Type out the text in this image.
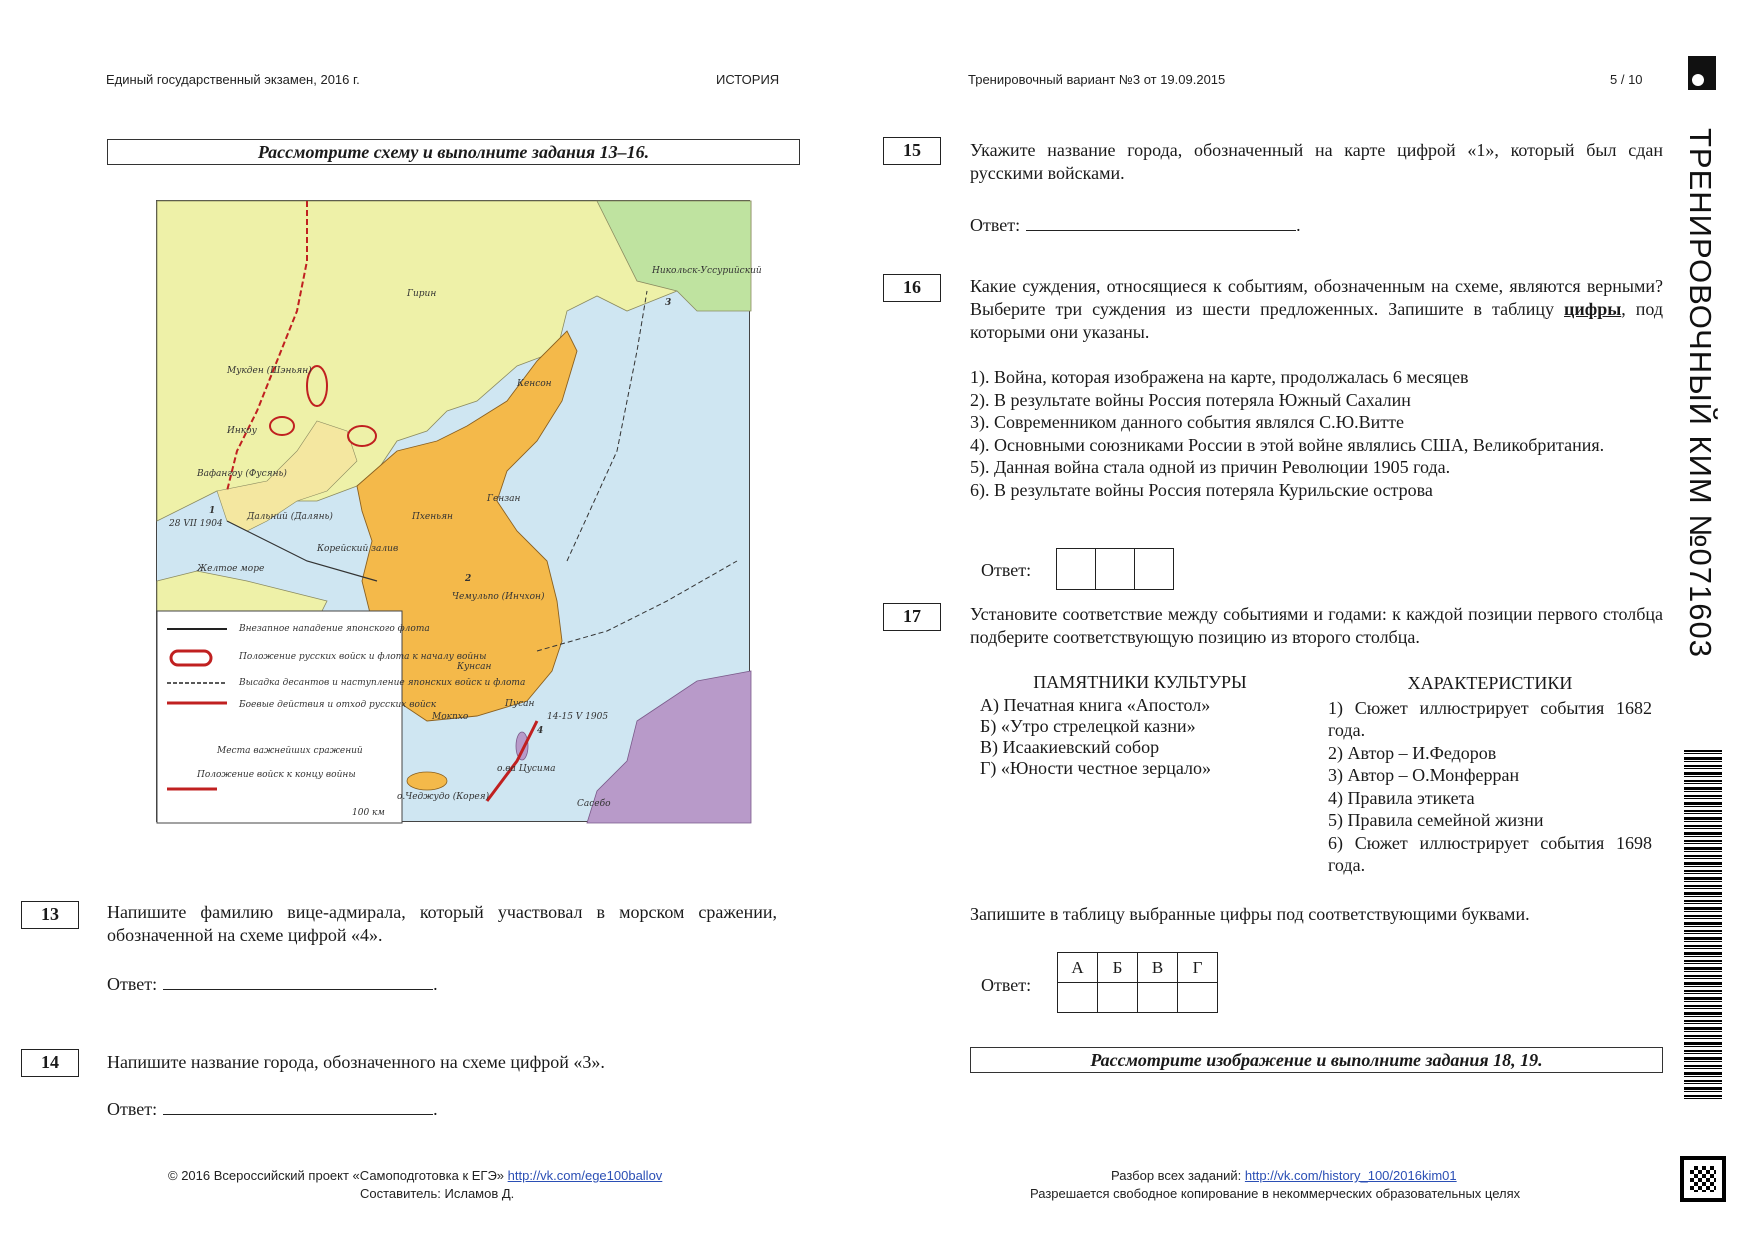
Единый государственный экзамен, 2016 г.	ИСТОРИЯ	Тренировочный вариант №3 от 19.09.2015	5 / 10
ТРЕНИРОВОЧНЫЙ КИМ №071603
Рассмотрите схему и выполните задания 13–16.
Внезапное нападение японского флота
Положение русских войск и флота к началу войны
Высадка десантов и наступление японских войск и флота
Боевые действия и отход русских войск
Места важнейших сражений
Положение войск к концу войны
100 км
Мукден (Шэньян)
Инкоу
Вафангоу (Фусянь)
Дальний (Далянь)
Кенсон
Пхеньян
Гензан
Чемульпо (Инчхон)
Кунсан
Пусан
Мокпхо
о.ва Цусима
Сасебо
Гирин
Никольск-Уссурийский
о.Чеджудо (Корея)
Корейский залив
Желтое море
14-15 V 1905
28 VII 1904
1
2
3
4
13	Напишите фамилию вице-адмирала, который участвовал в морском сражении, обозначенной на схеме цифрой «4».
Ответ:	.
14	Напишите название города, обозначенного на схеме цифрой «3».
Ответ:	.
15	Укажите название города, обозначенный на карте цифрой «1», который был сдан русскими войсками.
Ответ:	.
16	Какие суждения, относящиеся к событиям, обозначенным на схеме, являются верными? Выберите три суждения из шести предложенных. Запишите в таблицу цифры, под которыми они указаны.
1). Война, которая изображена на карте, продолжалась 6 месяцев
2). В результате войны Россия потеряла Южный Сахалин
3). Современником данного события являлся С.Ю.Витте
4). Основными союзниками России в этой войне являлись США, Великобритания.
5). Данная война стала одной из причин Революции 1905 года.
6). В результате войны Россия потеряла Курильские острова
Ответ:
17	Установите соответствие между событиями и годами: к каждой позиции первого столбца подберите соответствующую позицию из второго столбца.
ПАМЯТНИКИ КУЛЬТУРЫ
А) Печатная книга «Апостол»
Б) «Утро стрелецкой казни»
В) Исаакиевский собор
Г) «Юности честное зерцало»
ХАРАКТЕРИСТИКИ
1) Сюжет иллюстрирует события 1682 года.
2) Автор – И.Федоров
3) Автор – О.Монферран
4) Правила этикета
5) Правила семейной жизни
6) Сюжет иллюстрирует события 1698 года.
Запишите в таблицу выбранные цифры под соответствующими буквами.
Ответ:
А	Б	В	Г

Рассмотрите изображение и выполните задания 18, 19.
© 2016 Всероссийский проект «Самоподготовка к ЕГЭ» http://vk.com/ege100ballov
Составитель: Исламов Д.
Разбор всех заданий: http://vk.com/history_100/2016kim01
Разрешается свободное копирование в некоммерческих образовательных целях
